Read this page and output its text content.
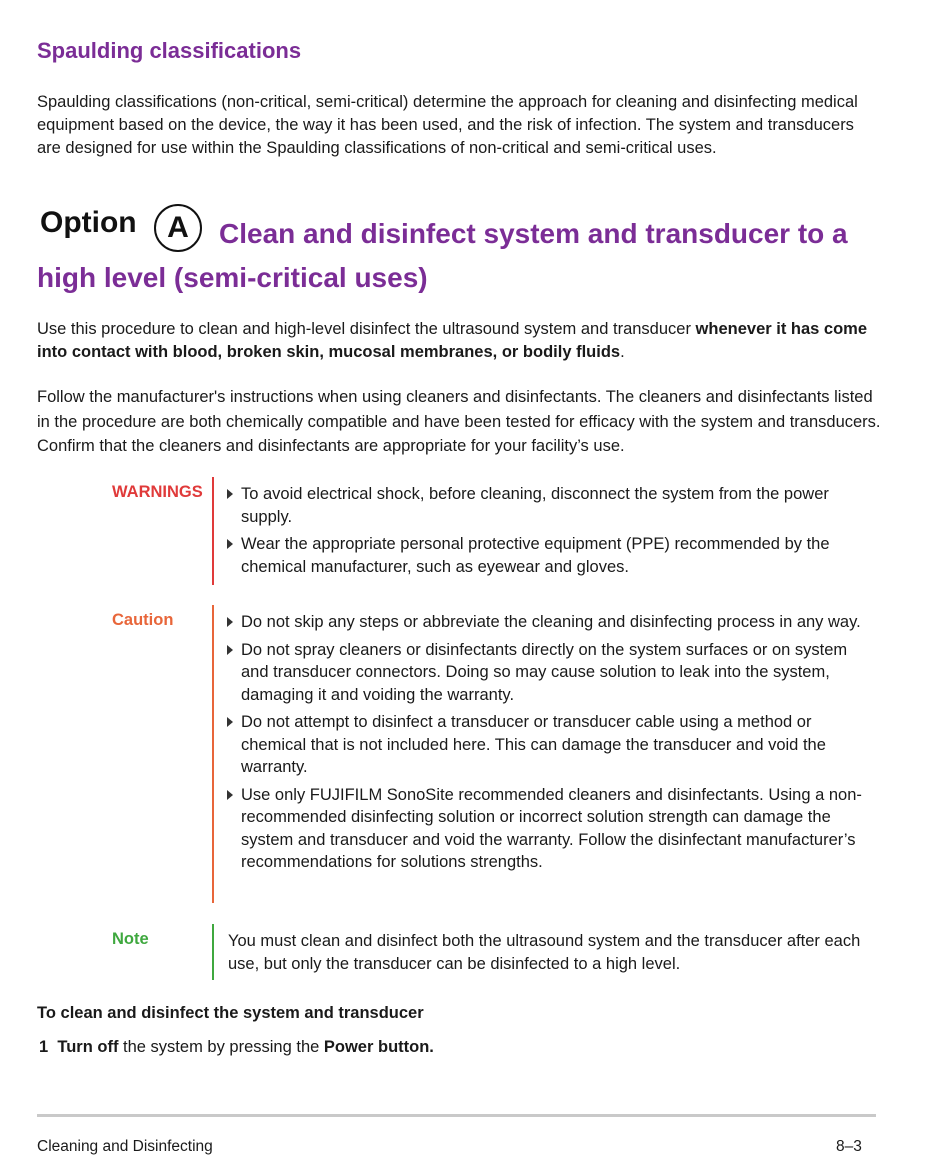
Spaulding classifications

Spaulding classifications (non-critical, semi-critical) determine the approach for cleaning and disinfecting medical equipment based on the device, the way it has been used, and the risk of infection. The system and transducers are designed for use within the Spaulding classifications of non-critical and semi-critical uses.

Option	A	Clean and disinfect system and transducer to a high level (semi-critical uses)

Use this procedure to clean and high-level disinfect the ultrasound system and transducer whenever it has come into contact with blood, broken skin, mucosal membranes, or bodily fluids.

Follow the manufacturer's instructions when using cleaners and disinfectants. The cleaners and disinfectants listed in the procedure are both chemically compatible and have been tested for efficacy with the system and transducers. Confirm that the cleaners and disinfectants are appropriate for your facility’s use.

WARNINGS	To avoid electrical shock, before cleaning, disconnect the system from the power supply.
Wear the appropriate personal protective equipment (PPE) recommended by the chemical manufacturer, such as eyewear and gloves.
Caution	Do not skip any steps or abbreviate the cleaning and disinfecting process in any way.
Do not spray cleaners or disinfectants directly on the system surfaces or on system and transducer connectors. Doing so may cause solution to leak into the system, damaging it and voiding the warranty.
Do not attempt to disinfect a transducer or transducer cable using a method or chemical that is not included here. This can damage the transducer and void the warranty.
Use only FUJIFILM SonoSite recommended cleaners and disinfectants. Using a non- recommended disinfecting solution or incorrect solution strength can damage the system and transducer and void the warranty. Follow the disinfectant manufacturer’s recommendations for solutions strengths.
Note	You must clean and disinfect both the ultrasound system and the transducer after each use, but only the transducer can be disinfected to a high level.
To clean and disinfect the system and transducer
1 Turn off the system by pressing the Power button.
Cleaning and Disinfecting	8–3
